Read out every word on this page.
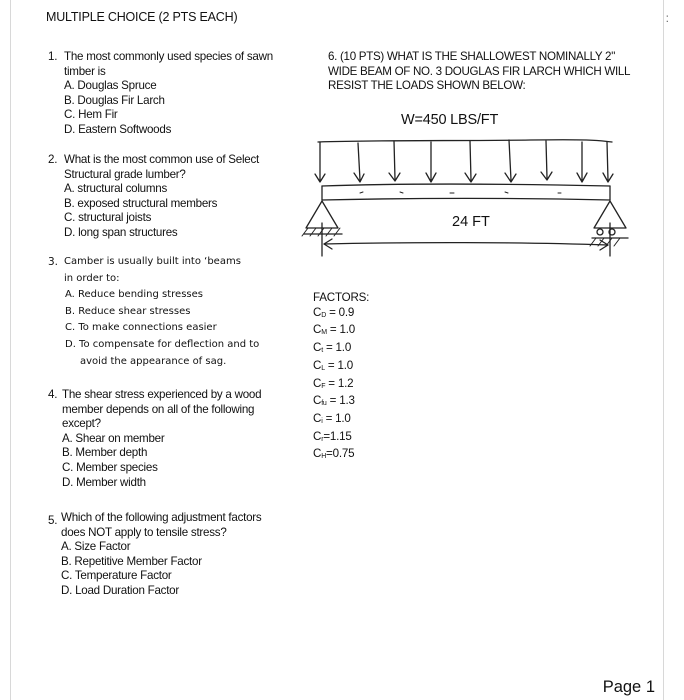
:
MULTIPLE CHOICE (2 PTS EACH)
1. The most commonly used species of sawn
timber is
A. Douglas Spruce
B. Douglas Fir Larch
C. Hem Fir
D. Eastern Softwoods
2. What is the most common use of Select
Structural grade lumber?
A. structural columns
B. exposed structural members
C. structural joists
D. long span structures
3. Camber is usually built into ‘beams
in order to:
A. Reduce bending stresses
B. Reduce shear stresses
C. To make connections easier
D. To compensate for deflection and to
avoid the appearance of sag.
4. The shear stress experienced by a wood
member depends on all of the following
except?
A. Shear on member
B. Member depth
C. Member species
D. Member width
5. Which of the following adjustment factors
does NOT apply to tensile stress?
A. Size Factor
B. Repetitive Member Factor
C. Temperature Factor
D. Load Duration Factor
6. (10 PTS) WHAT IS THE SHALLOWEST NOMINALLY 2"
WIDE BEAM OF NO. 3 DOUGLAS FIR LARCH WHICH WILL
RESIST THE LOADS SHOWN BELOW:
W=450 LBS/FT
24 FT
FACTORS:
CD = 0.9
CM = 1.0
Ct = 1.0
CL = 1.0
CF = 1.2
Cfu = 1.3
Ci = 1.0
Cr=1.15
CH=0.75
Page 1
